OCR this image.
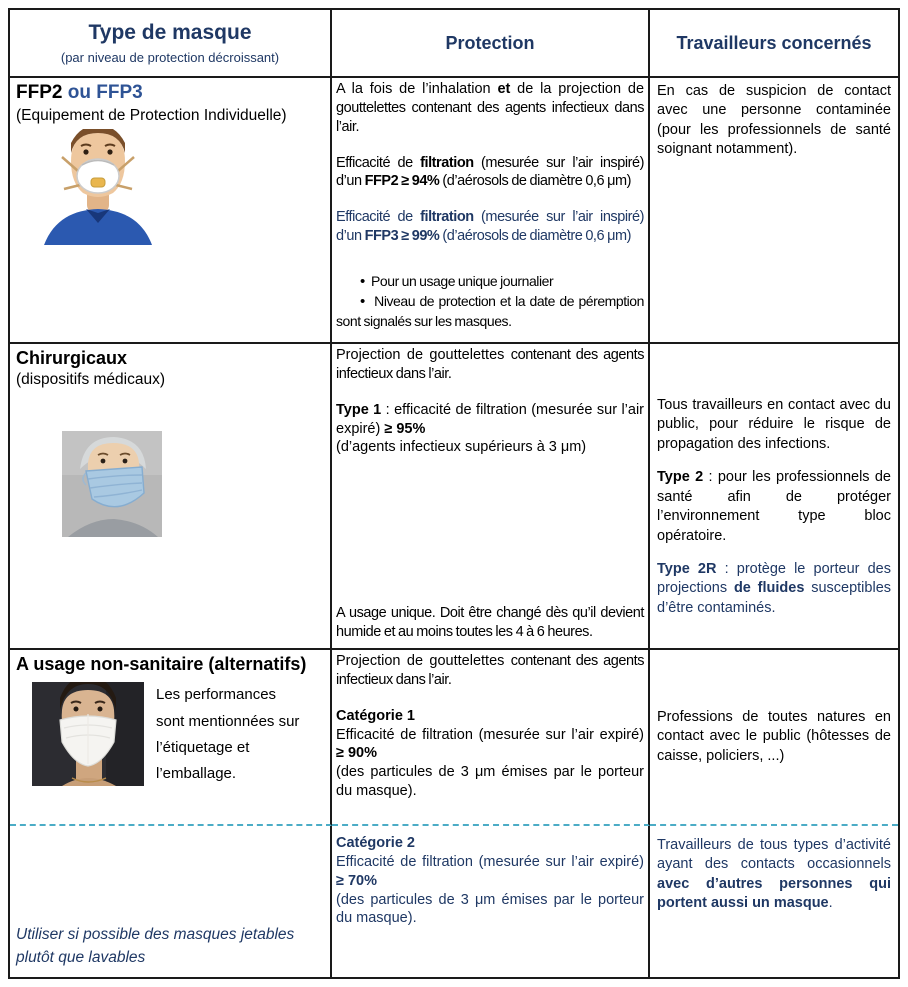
Type de masque
(par niveau de protection décroissant)
Protection	Travailleurs concernés
FFP2 ou FFP3
(Equipement de Protection Individuelle)
A la fois de l’inhalation et de la projection de gouttelettes contenant des agents infectieux dans l’air.
Efficacité de filtration (mesurée sur l’air inspiré) d’un FFP2 ≥ 94% (d’aérosols de diamètre 0,6 μm)
Efficacité de filtration (mesurée sur l’air inspiré) d’un FFP3 ≥ 99% (d’aérosols de diamètre 0,6 μm)
•  Pour un usage unique journalier
•  Niveau de protection et la date de péremption sont signalés sur les masques.
En cas de suspicion de contact avec une personne contaminée (pour les professionnels de santé soignant notamment).
Chirurgicaux
(dispositifs médicaux)
Projection de gouttelettes contenant des agents infectieux dans l’air.
Type 1 : efficacité de filtration (mesurée sur l’air expiré) ≥ 95%
(d’agents infectieux supérieurs à 3 μm)
A usage unique. Doit être changé dès qu’il devient humide et au moins toutes les 4 à 6 heures.
Tous travailleurs en contact avec du public, pour réduire le risque de propagation des infections.
Type 2 : pour les professionnels de santé afin de protéger l’environnement type bloc opératoire.
Type 2R : protège le porteur des projections de fluides susceptibles d’être contaminés.
A usage non-sanitaire (alternatifs)
Les performances sont mentionnées sur l’étiquetage et l’emballage.
Projection de gouttelettes contenant des agents infectieux dans l’air.
Catégorie 1
Efficacité de filtration (mesurée sur l’air expiré) ≥ 90%
(des particules de 3 μm émises par le porteur du masque).
Professions de toutes natures en contact avec le public (hôtesses de caisse, policiers, ...)
Utiliser si possible des masques jetables plutôt que lavables
Catégorie 2
Efficacité de filtration (mesurée sur l’air expiré) ≥ 70%
(des particules de 3 μm émises par le porteur du masque).
Travailleurs de tous types d’activité ayant des contacts occasionnels avec d’autres personnes qui portent aussi un masque.
